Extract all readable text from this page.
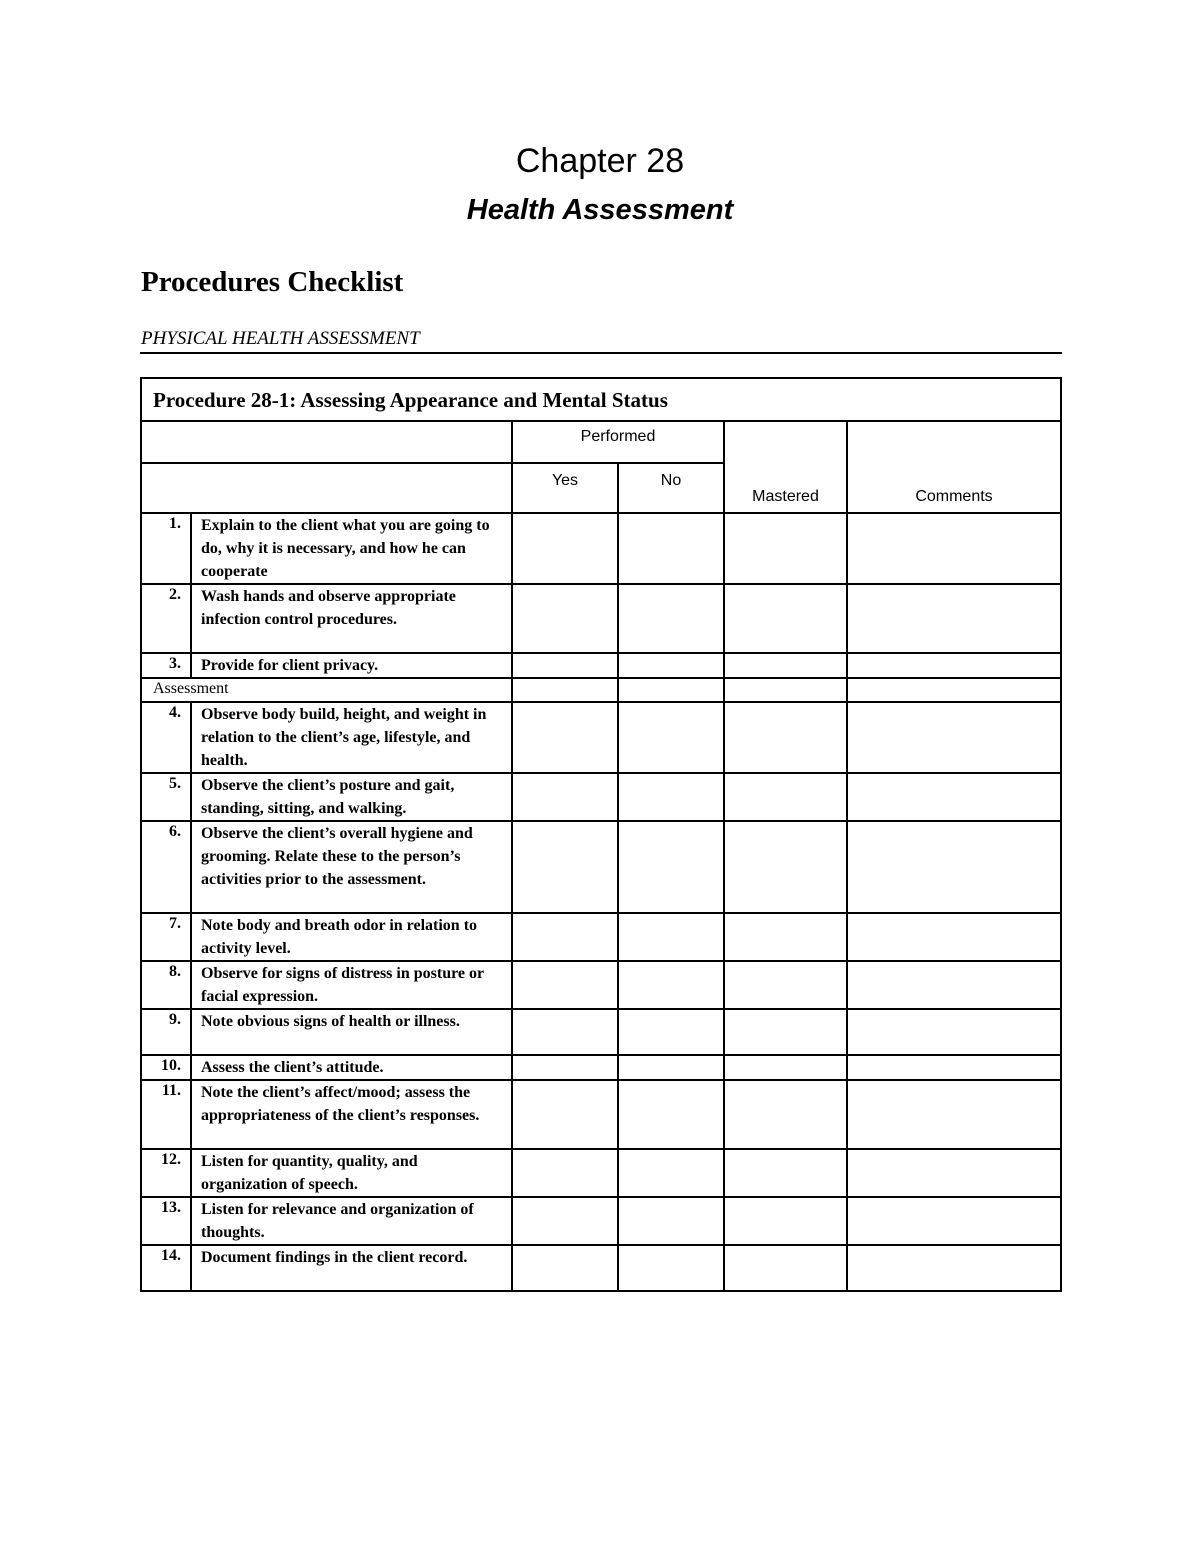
Chapter 28
Health Assessment
Procedures Checklist
PHYSICAL HEALTH ASSESSMENT
Procedure 28-1: Assessing Appearance and Mental Status					
		Performed		Mastered	Comments
		Yes	No		
1.	Explain to the client what you are going to do, why it is necessary, and how he can cooperate				
2.	Wash hands and observe appropriate infection control procedures.				
3.	Provide for client privacy.				
Assessment					
4.	Observe body build, height, and weight in relation to the client’s age, lifestyle, and health.				
5.	Observe the client’s posture and gait, standing, sitting, and walking.				
6.	Observe the client’s overall hygiene and grooming. Relate these to the person’s activities prior to the assessment.				
7.	Note body and breath odor in relation to activity level.				
8.	Observe for signs of distress in posture or facial expression.				
9.	Note obvious signs of health or illness.				
10.	Assess the client’s attitude.				
11.	Note the client’s affect/mood; assess the appropriateness of the client’s responses.				
12.	Listen for quantity, quality, and organization of speech.				
13.	Listen for relevance and organization of thoughts.				
14.	Document findings in the client record.				
